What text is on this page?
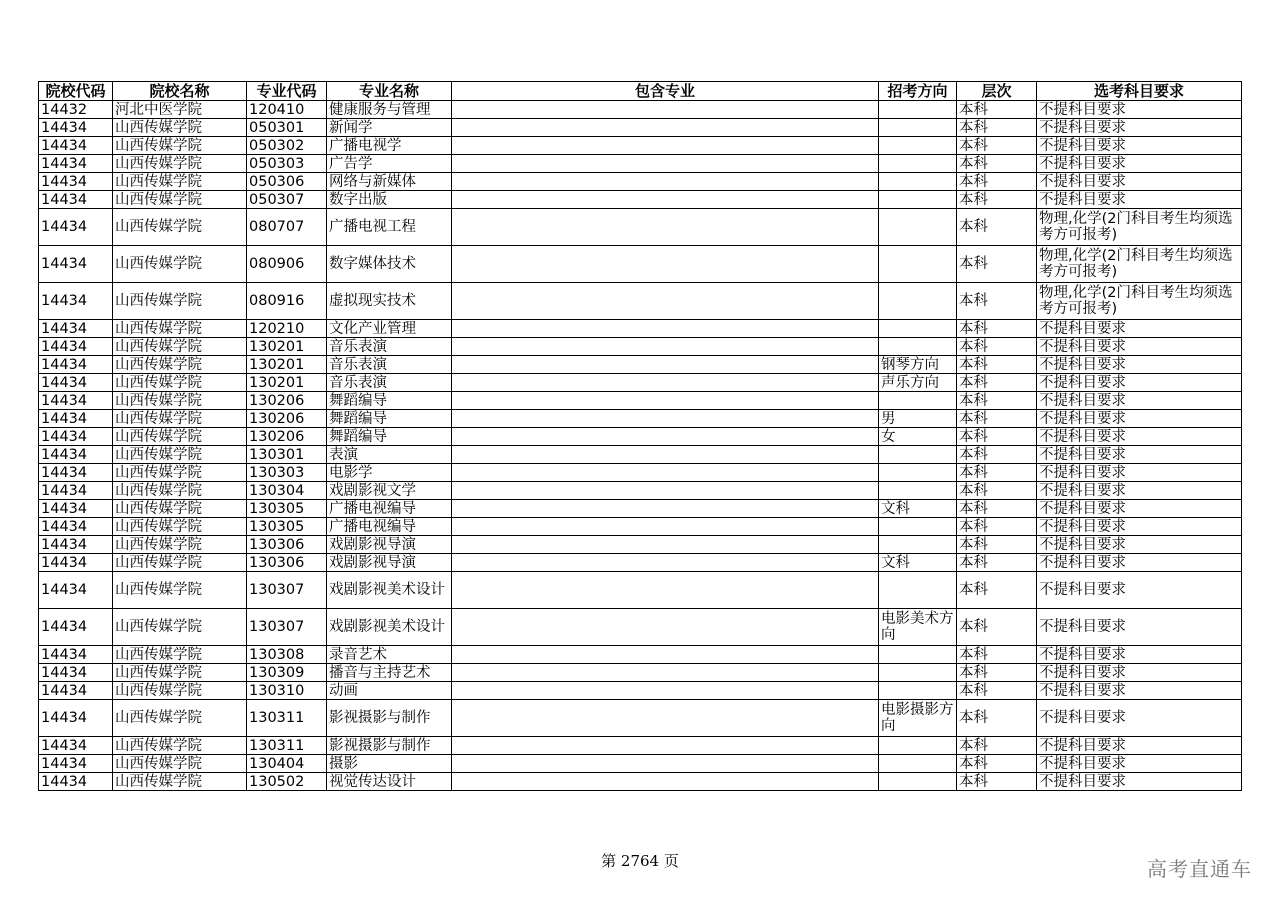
院校代码	院校名称	专业代码	专业名称	包含专业	招考方向	层次	选考科目要求
14432	河北中医学院	120410	健康服务与管理			本科	不提科目要求
14434	山西传媒学院	050301	新闻学			本科	不提科目要求
14434	山西传媒学院	050302	广播电视学			本科	不提科目要求
14434	山西传媒学院	050303	广告学			本科	不提科目要求
14434	山西传媒学院	050306	网络与新媒体			本科	不提科目要求
14434	山西传媒学院	050307	数字出版			本科	不提科目要求
14434	山西传媒学院	080707	广播电视工程			本科	物理,化学(2门科目考生均须选考方可报考)
14434	山西传媒学院	080906	数字媒体技术			本科	物理,化学(2门科目考生均须选考方可报考)
14434	山西传媒学院	080916	虚拟现实技术			本科	物理,化学(2门科目考生均须选考方可报考)
14434	山西传媒学院	120210	文化产业管理			本科	不提科目要求
14434	山西传媒学院	130201	音乐表演			本科	不提科目要求
14434	山西传媒学院	130201	音乐表演		钢琴方向	本科	不提科目要求
14434	山西传媒学院	130201	音乐表演		声乐方向	本科	不提科目要求
14434	山西传媒学院	130206	舞蹈编导			本科	不提科目要求
14434	山西传媒学院	130206	舞蹈编导		男	本科	不提科目要求
14434	山西传媒学院	130206	舞蹈编导		女	本科	不提科目要求
14434	山西传媒学院	130301	表演			本科	不提科目要求
14434	山西传媒学院	130303	电影学			本科	不提科目要求
14434	山西传媒学院	130304	戏剧影视文学			本科	不提科目要求
14434	山西传媒学院	130305	广播电视编导		文科	本科	不提科目要求
14434	山西传媒学院	130305	广播电视编导			本科	不提科目要求
14434	山西传媒学院	130306	戏剧影视导演			本科	不提科目要求
14434	山西传媒学院	130306	戏剧影视导演		文科	本科	不提科目要求
14434	山西传媒学院	130307	戏剧影视美术设计			本科	不提科目要求
14434	山西传媒学院	130307	戏剧影视美术设计		电影美术方向	本科	不提科目要求
14434	山西传媒学院	130308	录音艺术			本科	不提科目要求
14434	山西传媒学院	130309	播音与主持艺术			本科	不提科目要求
14434	山西传媒学院	130310	动画			本科	不提科目要求
14434	山西传媒学院	130311	影视摄影与制作		电影摄影方向	本科	不提科目要求
14434	山西传媒学院	130311	影视摄影与制作			本科	不提科目要求
14434	山西传媒学院	130404	摄影			本科	不提科目要求
14434	山西传媒学院	130502	视觉传达设计			本科	不提科目要求
第 2764 页	高考直通车
